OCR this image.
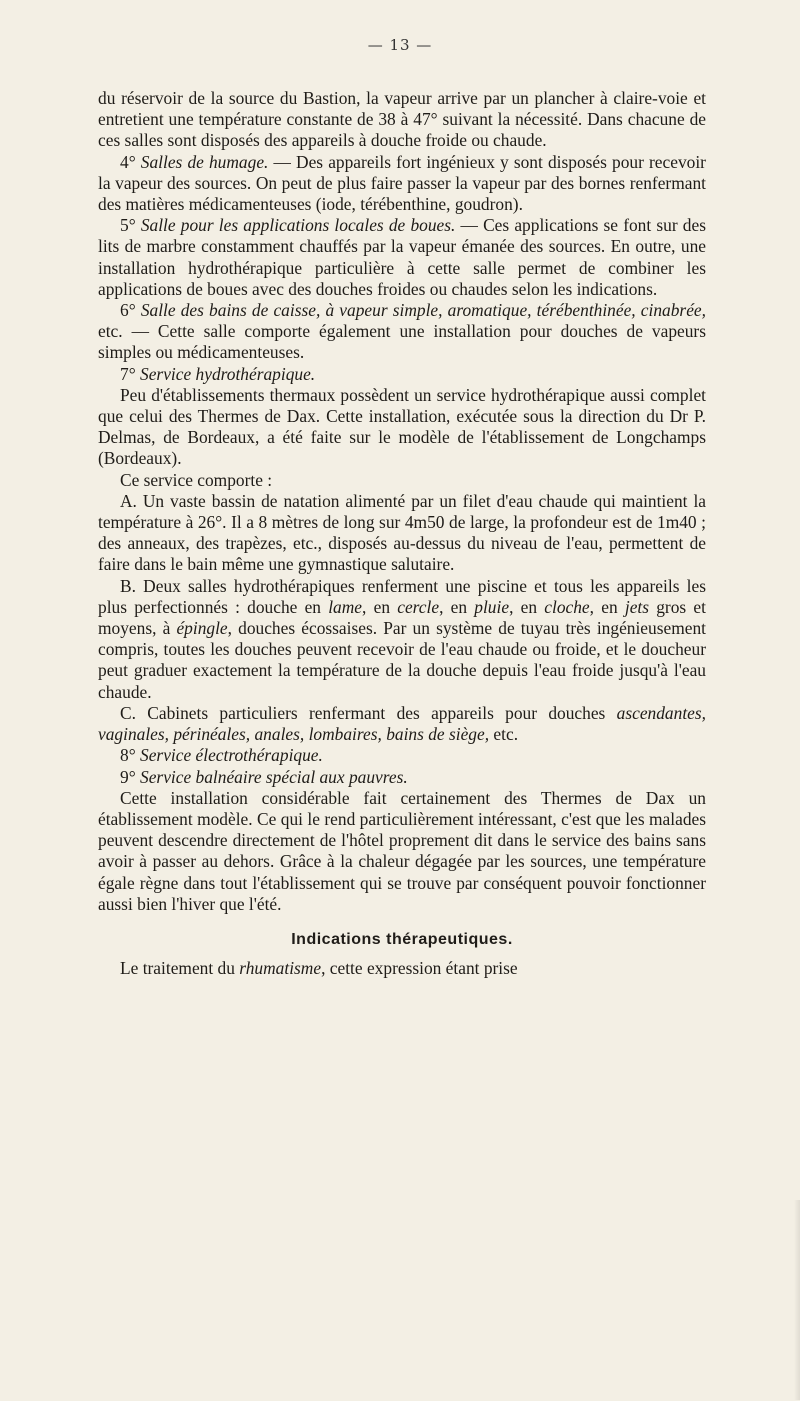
— 13 —

du réservoir de la source du Bastion, la vapeur arrive par un plancher à claire-voie et entretient une température constante de 38 à 47° suivant la nécessité. Dans chacune de ces salles sont disposés des appareils à douche froide ou chaude.

4° Salles de humage. — Des appareils fort ingénieux y sont disposés pour recevoir la vapeur des sources. On peut de plus faire passer la vapeur par des bornes renfermant des matières médicamenteuses (iode, térébenthine, goudron).

5° Salle pour les applications locales de boues. — Ces applications se font sur des lits de marbre constamment chauffés par la vapeur émanée des sources. En outre, une installation hydrothérapique particulière à cette salle permet de combiner les applications de boues avec des douches froides ou chaudes selon les indications.

6° Salle des bains de caisse, à vapeur simple, aromatique, térébenthinée, cinabrée, etc. — Cette salle comporte également une installation pour douches de vapeurs simples ou médicamenteuses.

7° Service hydrothérapique.

Peu d'établissements thermaux possèdent un service hydrothérapique aussi complet que celui des Thermes de Dax. Cette installation, exécutée sous la direction du Dr P. Delmas, de Bordeaux, a été faite sur le modèle de l'établissement de Longchamps (Bordeaux).

Ce service comporte :

A. Un vaste bassin de natation alimenté par un filet d'eau chaude qui maintient la température à 26°. Il a 8 mètres de long sur 4m50 de large, la profondeur est de 1m40 ; des anneaux, des trapèzes, etc., disposés au-dessus du niveau de l'eau, permettent de faire dans le bain même une gymnastique salutaire.

B. Deux salles hydrothérapiques renferment une piscine et tous les appareils les plus perfectionnés : douche en lame, en cercle, en pluie, en cloche, en jets gros et moyens, à épingle, douches écossaises. Par un système de tuyau très ingénieusement compris, toutes les douches peuvent recevoir de l'eau chaude ou froide, et le doucheur peut graduer exactement la température de la douche depuis l'eau froide jusqu'à l'eau chaude.

C. Cabinets particuliers renfermant des appareils pour douches ascendantes, vaginales, périnéales, anales, lombaires, bains de siège, etc.

8° Service électrothérapique.

9° Service balnéaire spécial aux pauvres.

Cette installation considérable fait certainement des Thermes de Dax un établissement modèle. Ce qui le rend particulièrement intéressant, c'est que les malades peuvent descendre directement de l'hôtel proprement dit dans le service des bains sans avoir à passer au dehors. Grâce à la chaleur dégagée par les sources, une température égale règne dans tout l'établissement qui se trouve par conséquent pouvoir fonctionner aussi bien l'hiver que l'été.

Indications thérapeutiques.

Le traitement du rhumatisme, cette expression étant prise
